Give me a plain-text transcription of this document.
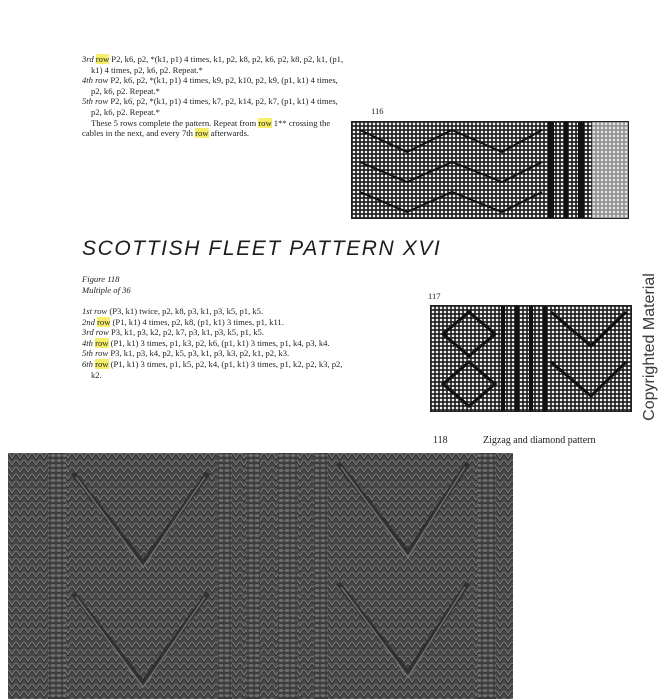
3rd row P2, k6, p2, *(k1, p1) 4 times, k1, p2, k8, p2, k6, p2, k8, p2, k1, (p1, k1) 4 times, p2, k6, p2. Repeat.*

4th row P2, k6, p2, *(k1, p1) 4 times, k9, p2, k10, p2, k9, (p1, k1) 4 times, p2, k6, p2. Repeat.*

5th row P2, k6, p2, *(k1, p1) 4 times, k7, p2, k14, p2, k7, (p1, k1) 4 times, p2, k6, p2. Repeat.*

These 5 rows complete the pattern. Repeat from row 1** crossing the cables in the next, and every 7th row afterwards.

116
SCOTTISH FLEET PATTERN XVI
Figure 118
Multiple of 36

1st row (P3, k1) twice, p2, k8, p3, k1, p3, k5, p1, k5.

2nd row (P1, k1) 4 times, p2, k8, (p1, k1) 3 times, p1, k11.

3rd row P3, k1, p3, k2, p2, k7, p3, k1, p3, k5, p1, k5.

4th row (P1, k1) 3 times, p1, k3, p2, k6, (p1, k1) 3 times, p1, k4, p3, k4.

5th row P3, k1, p3, k4, p2, k5, p3, k1, p3, k3, p2, k1, p2, k3.

6th row (P1, k1) 3 times, p1, k5, p2, k4, (p1, k1) 3 times, p1, k2, p2, k3, p2, k2.

117
118	Zigzag and diamond pattern
Copyrighted Material
